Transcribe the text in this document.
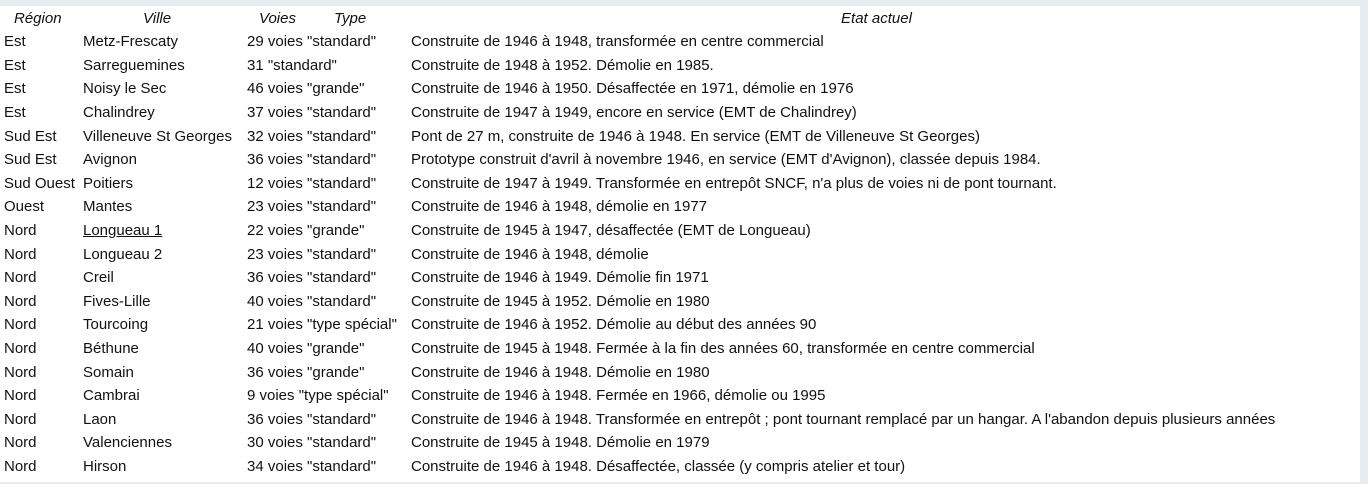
Région	Ville	Voies Type	Etat actuel
Est	Metz-Frescaty	29 voies "standard"	Construite de 1946 à 1948, transformée en centre commercial
Est	Sarreguemines	31 "standard"	Construite de 1948 à 1952. Démolie en 1985.
Est	Noisy le Sec	46 voies "grande"	Construite de 1946 à 1950. Désaffectée en 1971, démolie en 1976
Est	Chalindrey	37 voies "standard"	Construite de 1947 à 1949, encore en service (EMT de Chalindrey)
Sud Est	Villeneuve St Georges	32 voies "standard"	Pont de 27 m, construite de 1946 à 1948. En service (EMT de Villeneuve St Georges)
Sud Est	Avignon	36 voies "standard"	Prototype construit d'avril à novembre 1946, en service (EMT d'Avignon), classée depuis 1984.
Sud Ouest	Poitiers	12 voies "standard"	Construite de 1947 à 1949. Transformée en entrepôt SNCF, n'a plus de voies ni de pont tournant.
Ouest	Mantes	23 voies "standard"	Construite de 1946 à 1948, démolie en 1977
Nord	Longueau 1	22 voies "grande"	Construite de 1945 à 1947, désaffectée (EMT de Longueau)
Nord	Longueau 2	23 voies "standard"	Construite de 1946 à 1948, démolie
Nord	Creil	36 voies "standard"	Construite de 1946 à 1949. Démolie fin 1971
Nord	Fives-Lille	40 voies "standard"	Construite de 1945 à 1952. Démolie en 1980
Nord	Tourcoing	21 voies "type spécial"	Construite de 1946 à 1952. Démolie au début des années 90
Nord	Béthune	40 voies "grande"	Construite de 1945 à 1948. Fermée à la fin des années 60, transformée en centre commercial
Nord	Somain	36 voies "grande"	Construite de 1946 à 1948. Démolie en 1980
Nord	Cambrai	9 voies "type spécial"	Construite de 1946 à 1948. Fermée en 1966, démolie ou 1995
Nord	Laon	36 voies "standard"	Construite de 1946 à 1948. Transformée en entrepôt ; pont tournant remplacé par un hangar. A l'abandon depuis plusieurs années
Nord	Valenciennes	30 voies "standard"	Construite de 1945 à 1948. Démolie en 1979
Nord	Hirson	34 voies "standard"	Construite de 1946 à 1948. Désaffectée, classée (y compris atelier et tour)
